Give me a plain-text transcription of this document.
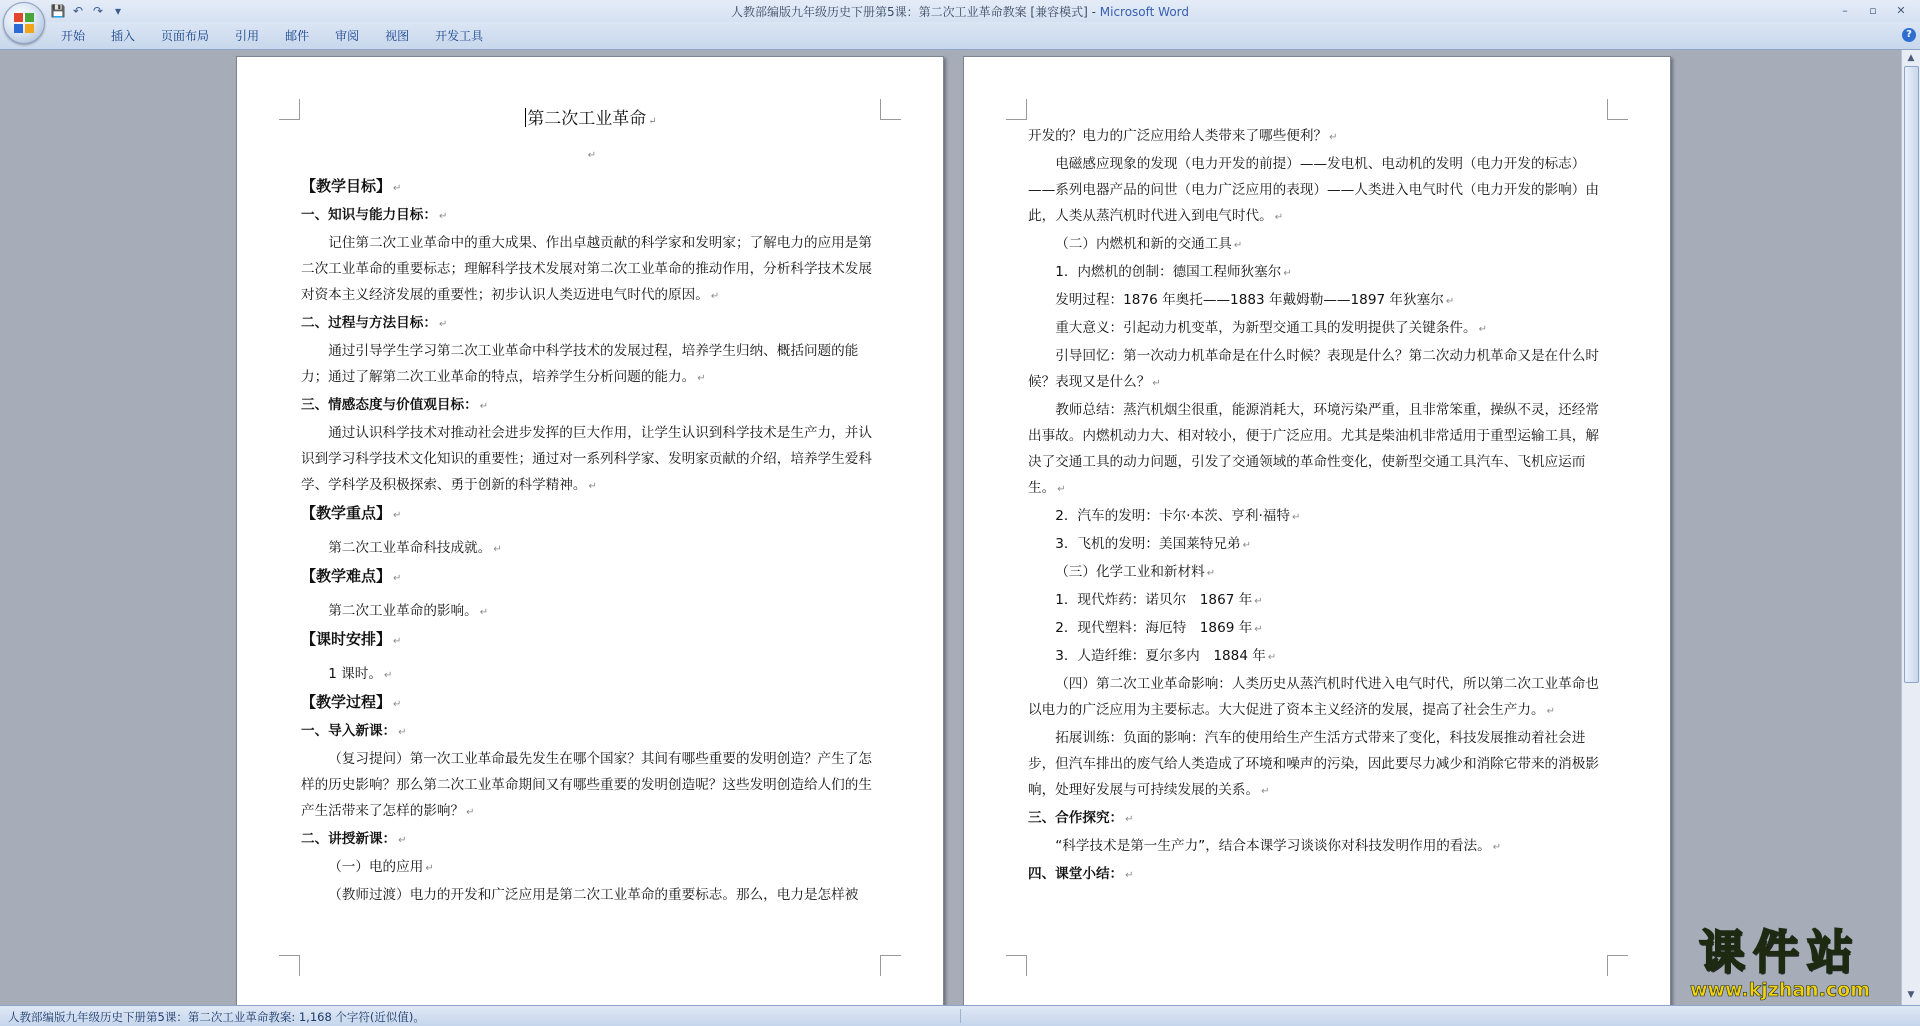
💾 ↶ ↷ ▾	人教部编版九年级历史下册第5课：第二次工业革命教案 [兼容模式] - Microsoft Word	–	▫	✕
开始	插入	页面布局	引用	邮件	审阅	视图	开发工具	?

第二次工业革命 ↵

↵

【教学目标】 ↵

一、知识与能力目标： ↵

记住第二次工业革命中的重大成果、作出卓越贡献的科学家和发明家；了解电力的应用是第二次工业革命的重要标志；理解科学技术发展对第二次工业革命的推动作用，分析科学技术发展对资本主义经济发展的重要性；初步认识人类迈进电气时代的原因。 ↵

二、过程与方法目标： ↵

通过引导学生学习第二次工业革命中科学技术的发展过程，培养学生归纳、概括问题的能力；通过了解第二次工业革命的特点，培养学生分析问题的能力。 ↵

三、情感态度与价值观目标： ↵

通过认识科学技术对推动社会进步发挥的巨大作用，让学生认识到科学技术是生产力，并认识到学习科学技术文化知识的重要性；通过对一系列科学家、发明家贡献的介绍，培养学生爱科学、学科学及积极探索、勇于创新的科学精神。 ↵

【教学重点】 ↵

第二次工业革命科技成就。 ↵

【教学难点】 ↵

第二次工业革命的影响。 ↵

【课时安排】 ↵

1 课时。 ↵

【教学过程】 ↵

一、导入新课： ↵

（复习提问）第一次工业革命最先发生在哪个国家？其间有哪些重要的发明创造？产生了怎样的历史影响？那么第二次工业革命期间又有哪些重要的发明创造呢？这些发明创造给人们的生产生活带来了怎样的影响？ ↵

二、讲授新课： ↵

（一）电的应用 ↵

（教师过渡）电力的开发和广泛应用是第二次工业革命的重要标志。那么，电力是怎样被

开发的？电力的广泛应用给人类带来了哪些便利？ ↵

电磁感应现象的发现（电力开发的前提）——发电机、电动机的发明（电力开发的标志）——系列电器产品的问世（电力广泛应用的表现）——人类进入电气时代（电力开发的影响）由此，人类从蒸汽机时代进入到电气时代。 ↵

（二）内燃机和新的交通工具 ↵

1．内燃机的创制：德国工程师狄塞尔 ↵

发明过程：1876 年奥托——1883 年戴姆勒——1897 年狄塞尔 ↵

重大意义：引起动力机变革，为新型交通工具的发明提供了关键条件。 ↵

引导回忆：第一次动力机革命是在什么时候？表现是什么？第二次动力机革命又是在什么时候？表现又是什么？ ↵

教师总结：蒸汽机烟尘很重，能源消耗大，环境污染严重，且非常笨重，操纵不灵，还经常出事故。内燃机动力大、相对较小，便于广泛应用。尤其是柴油机非常适用于重型运输工具，解决了交通工具的动力问题，引发了交通领域的革命性变化，使新型交通工具汽车、飞机应运而生。 ↵

2．汽车的发明：卡尔·本茨、亨利·福特 ↵

3．飞机的发明：美国莱特兄弟 ↵

（三）化学工业和新材料 ↵

1．现代炸药：诺贝尔　1867 年 ↵

2．现代塑料：海厄特　1869 年 ↵

3．人造纤维：夏尔多内　1884 年 ↵

（四）第二次工业革命影响：人类历史从蒸汽机时代进入电气时代，所以第二次工业革命也以电力的广泛应用为主要标志。大大促进了资本主义经济的发展，提高了社会生产力。 ↵

拓展训练：负面的影响：汽车的使用给生产生活方式带来了变化，科技发展推动着社会进步，但汽车排出的废气给人类造成了环境和噪声的污染，因此要尽力减少和消除它带来的消极影响，处理好发展与可持续发展的关系。 ↵

三、合作探究： ↵

“科学技术是第一生产力”，结合本课学习谈谈你对科技发明作用的看法。 ↵

四、课堂小结： ↵

▲
▼
人教部编版九年级历史下册第5课：第二次工业革命教案: 1,168 个字符(近似值)。
课件站
www.kjzhan.com
